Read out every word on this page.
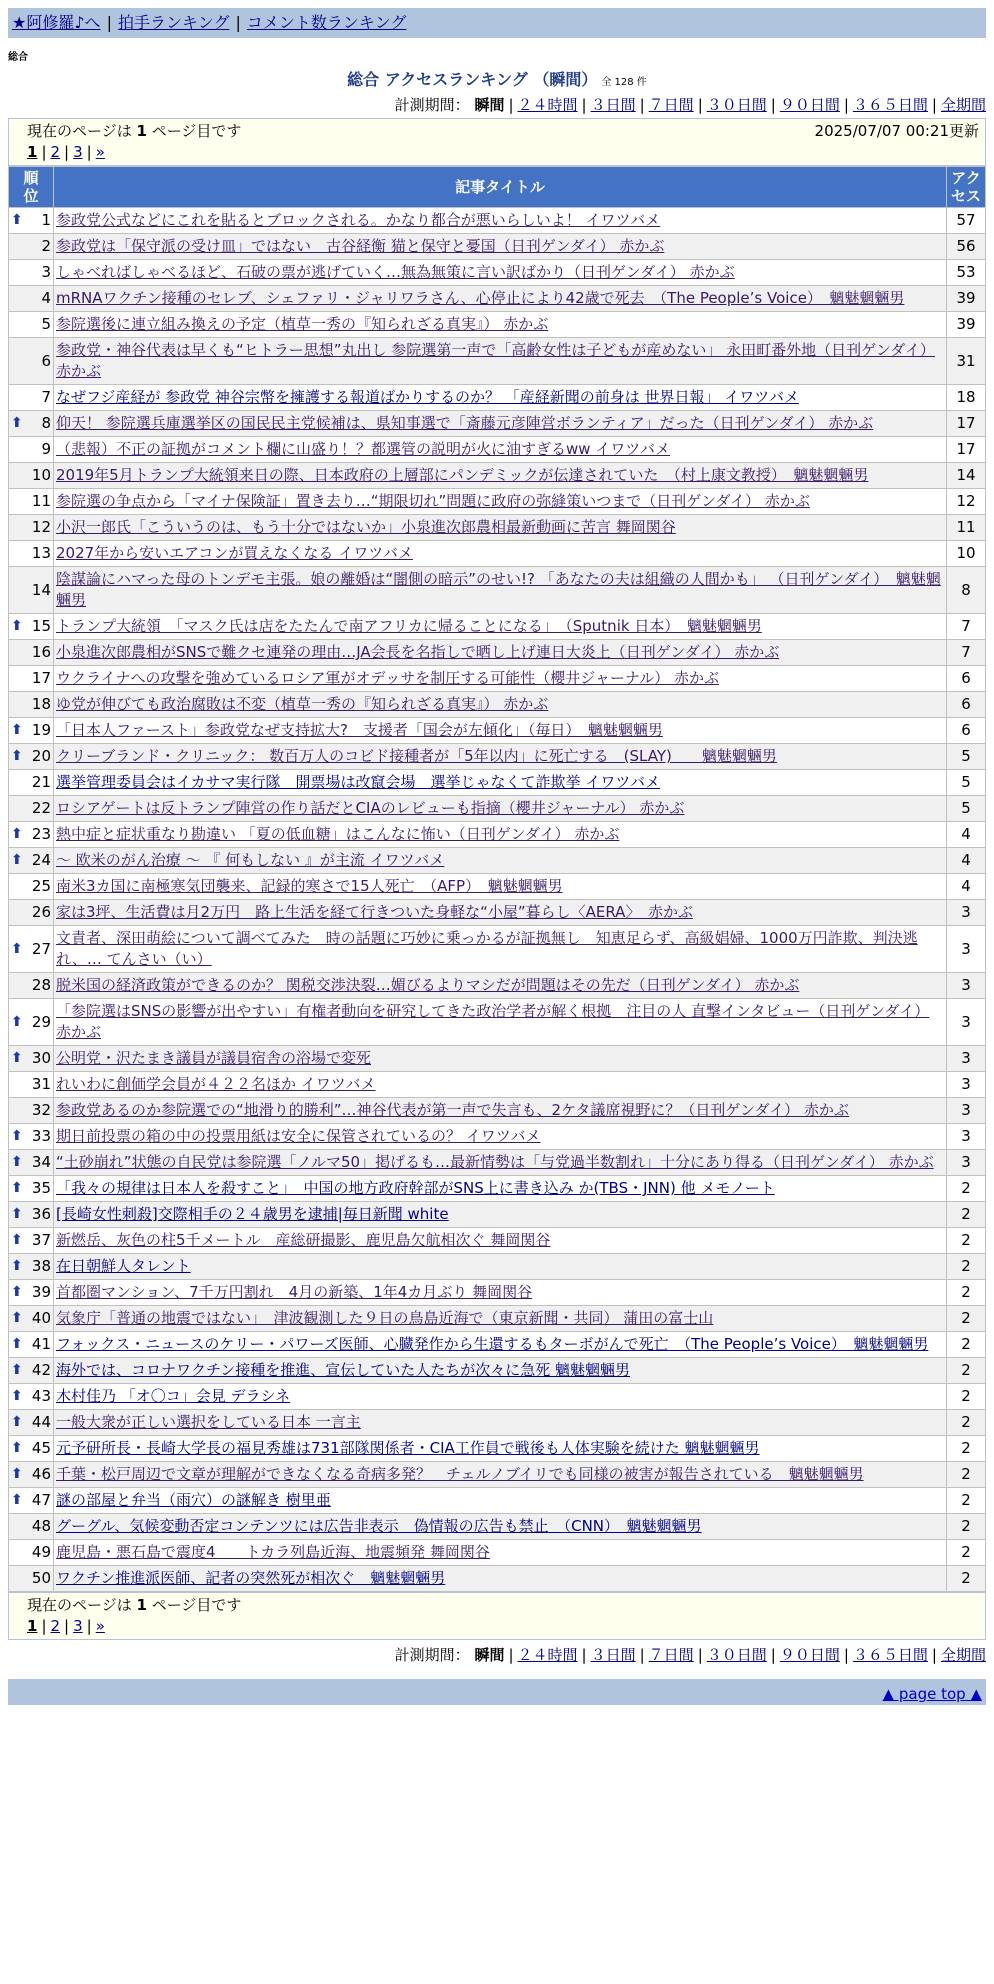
★阿修羅♪へ | 拍手ランキング | コメント数ランキング
総合
総合 アクセスランキング （瞬間） 全 128 件
計測期間： 瞬間 | ２４時間 | ３日間 | ７日間 | ３０日間 | ９０日間 | ３６５日間 | 全期間
現在のページは 1 ページ目です	2025/07/07 00:21更新
1 | 2 | 3 | »
順
位	記事タイトル	アク
セス

⬆ 1	参政党公式などにこれを貼るとブロックされる。かなり都合が悪いらしいよ！ イワツバメ	57
2	参政党は「保守派の受け皿」ではない　古谷経衡 猫と保守と憂国（日刊ゲンダイ） 赤かぶ	56
3	しゃべればしゃべるほど、石破の票が逃げていく…無為無策に言い訳ばかり（日刊ゲンダイ） 赤かぶ	53
4	mRNAワクチン接種のセレブ、シェファリ・ジャリワラさん、心停止により42歳で死去　（The People’s Voice）　魑魅魍魎男	39
5	参院選後に連立組み換えの予定（植草一秀の『知られざる真実』） 赤かぶ	39
6	参政党・神谷代表は早くも“ヒトラー思想”丸出し 参院選第一声で「高齢女性は子どもが産めない」 永田町番外地（日刊ゲンダイ） 赤かぶ	31
7	なぜフジ産経が 参政党 神谷宗幣を擁護する報道ばかりするのか？ 「産経新聞の前身は 世界日報」 イワツバメ	18

⬆ 8	仰天！ 参院選兵庫選挙区の国民民主党候補は、県知事選で「斎藤元彦陣営ボランティア」だった（日刊ゲンダイ） 赤かぶ	17
9	（悲報）不正の証拠がコメント欄に山盛り！？都選管の説明が火に油すぎるww イワツバメ	17
10	2019年5月トランプ大統領来日の際、日本政府の上層部にパンデミックが伝達されていた　（村上康文教授）　魑魅魍魎男	14
11	参院選の争点から「マイナ保険証」置き去り…“期限切れ”問題に政府の弥縫策いつまで（日刊ゲンダイ） 赤かぶ	12
12	小沢一郎氏「こういうのは、もう十分ではないか」小泉進次郎農相最新動画に苦言 舞岡関谷	11
13	2027年から安いエアコンが買えなくなる イワツバメ	10
14	陰謀論にハマった母のトンデモ主張。娘の離婚は“闇側の暗示”のせい!? 「あなたの夫は組織の人間かも」 （日刊ゲンダイ）　魑魅魍魎男	8

⬆ 15	トランプ大統領　「マスク氏は店をたたんで南アフリカに帰ることになる」　（Sputnik 日本）　魑魅魍魎男	7
16	小泉進次郎農相がSNSで難クセ連発の理由…JA会長を名指しで晒し上げ連日大炎上（日刊ゲンダイ） 赤かぶ	7
17	ウクライナへの攻撃を強めているロシア軍がオデッサを制圧する可能性（櫻井ジャーナル） 赤かぶ	6
18	ゆ党が伸びても政治腐敗は不変（植草一秀の『知られざる真実』） 赤かぶ	6

⬆ 19	「日本人ファースト」参政党なぜ支持拡大?　支援者「国会が左傾化」（毎日）　魑魅魍魎男	6

⬆ 20	クリーブランド・クリニック： 数百万人のコビド接種者が「5年以内」に死亡する　(SLAY)　　魑魅魍魎男	5
21	選挙管理委員会はイカサマ実行隊　開票場は改竄会場　選挙じゃなくて詐欺挙 イワツバメ	5
22	ロシアゲートは反トランプ陣営の作り話だとCIAのレビューも指摘（櫻井ジャーナル） 赤かぶ	5

⬆ 23	熱中症と症状重なり勘違い 「夏の低血糖」はこんなに怖い（日刊ゲンダイ） 赤かぶ	4

⬆ 24	～ 欧米のがん治療 ～ 『 何もしない 』が主流 イワツバメ	4
25	南米3カ国に南極寒気団襲来、記録的寒さで15人死亡　（AFP）　魑魅魍魎男	4
26	家は3坪、生活費は月2万円　路上生活を経て行きついた身軽な“小屋”暮らし〈AERA〉　赤かぶ	3

⬆ 27	文責者、深田萌絵について調べてみた　時の話題に巧妙に乗っかるが証拠無し　知恵足らず、高級娼婦、1000万円詐欺、判決逃れ、… てんさい（い）	3
28	脱米国の経済政策ができるのか？ 関税交渉決裂…媚びるよりマシだが問題はその先だ（日刊ゲンダイ） 赤かぶ	3

⬆ 29	「参院選はSNSの影響が出やすい」有権者動向を研究してきた政治学者が解く根拠　注目の人 直撃インタビュー（日刊ゲンダイ） 赤かぶ	3

⬆ 30	公明党・沢たまき議員が議員宿舎の浴場で変死	3
31	れいわに創価学会員が４２２名ほか イワツバメ	3
32	参政党あるのか参院選での“地滑り的勝利”…神谷代表が第一声で失言も、2ケタ議席視野に？（日刊ゲンダイ） 赤かぶ	3

⬆ 33	期日前投票の箱の中の投票用紙は安全に保管されているの？ イワツバメ	3

⬆ 34	“土砂崩れ”状態の自民党は参院選「ノルマ50」掲げるも…最新情勢は「与党過半数割れ」十分にあり得る（日刊ゲンダイ） 赤かぶ	3

⬆ 35	「我々の規律は日本人を殺すこと」　中国の地方政府幹部がSNS上に書き込み か(TBS・JNN) 他 メモノート	2

⬆ 36	[長崎女性刺殺]交際相手の２４歳男を逮捕|毎日新聞 white	2

⬆ 37	新燃岳、灰色の柱5千メートル　産総研撮影、鹿児島欠航相次ぐ 舞岡関谷	2

⬆ 38	在日朝鮮人タレント	2

⬆ 39	首都圏マンション、7千万円割れ　4月の新築、1年4カ月ぶり 舞岡関谷	2

⬆ 40	気象庁「普通の地震ではない」　津波観測した９日の鳥島近海で（東京新聞・共同） 蒲田の富士山	2

⬆ 41	フォックス・ニュースのケリー・パワーズ医師、心臓発作から生還するもターボがんで死亡　（The People’s Voice）　魑魅魍魎男	2

⬆ 42	海外では、コロナワクチン接種を推進、宣伝していた人たちが次々に急死 魑魅魍魎男	2

⬆ 43	木村佳乃 「オ〇コ」会見 デラシネ	2

⬆ 44	一般大衆が正しい選択をしている日本 一言主	2

⬆ 45	元予研所長・長崎大学長の福見秀雄は731部隊関係者・CIA工作員で戦後も人体実験を続けた 魑魅魍魎男	2

⬆ 46	千葉・松戸周辺で文章が理解ができなくなる奇病多発？　チェルノブイリでも同様の被害が報告されている　魑魅魍魎男	2

⬆ 47	謎の部屋と弁当（雨穴）の謎解き 樹里亜	2
48	グーグル、気候変動否定コンテンツには広告非表示　偽情報の広告も禁止　（CNN）　魑魅魍魎男	2
49	鹿児島・悪石島で震度4　　トカラ列島近海、地震頻発 舞岡関谷	2
50	ワクチン推進派医師、記者の突然死が相次ぐ　魑魅魍魎男	2
現在のページは 1 ページ目です
1 | 2 | 3 | »
計測期間： 瞬間 | ２４時間 | ３日間 | ７日間 | ３０日間 | ９０日間 | ３６５日間 | 全期間
▲ page top ▲
